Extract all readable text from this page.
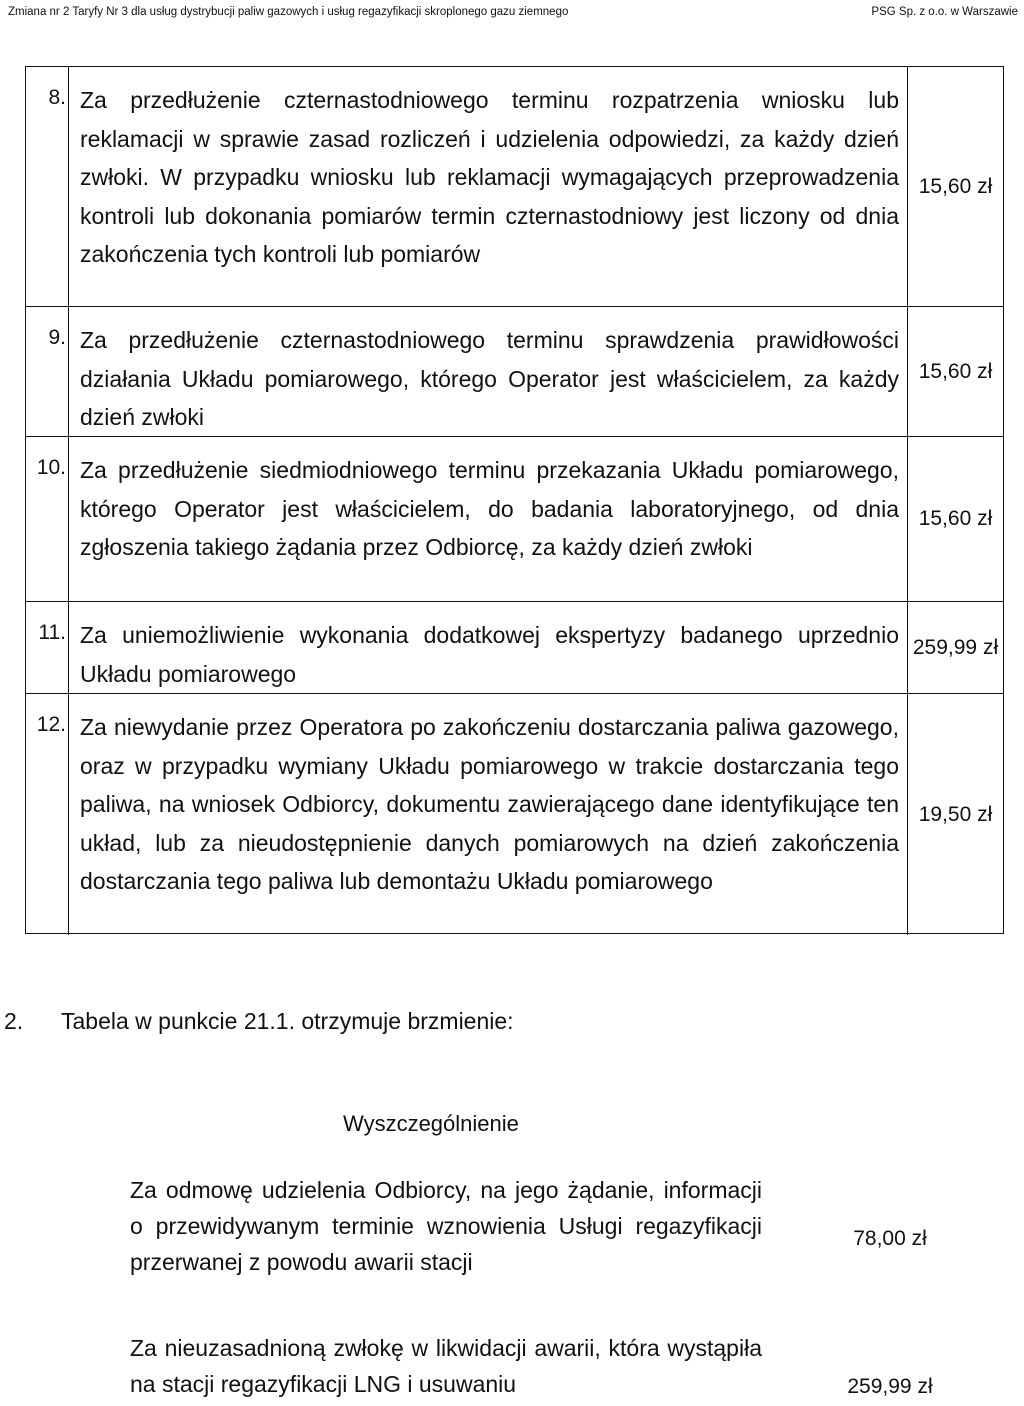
Zmiana nr 2 Taryfy Nr 3 dla usług dystrybucji paliw gazowych i usług regazyfikacji skroplonego gazu ziemnego	PSG Sp. z o.o. w Warszawie
8. Za przedłużenie czternastodniowego terminu rozpatrzenia wniosku lub reklamacji w sprawie zasad rozliczeń i udzielenia odpowiedzi, za każdy dzień zwłoki. W przypadku wniosku lub reklamacji wymagających przeprowadzenia kontroli lub dokonania pomiarów termin czternastodniowy jest liczony od dnia zakończenia tych kontroli lub pomiarów
15,60 zł
9. Za przedłużenie czternastodniowego terminu sprawdzenia prawidłowości działania Układu pomiarowego, którego Operator jest właścicielem, za każdy dzień zwłoki
15,60 zł
10. Za przedłużenie siedmiodniowego terminu przekazania Układu pomiarowego, którego Operator jest właścicielem, do badania laboratoryjnego, od dnia zgłoszenia takiego żądania przez Odbiorcę, za każdy dzień zwłoki
15,60 zł
11. Za uniemożliwienie wykonania dodatkowej ekspertyzy badanego uprzednio Układu pomiarowego
259,99 zł
12. Za niewydanie przez Operatora po zakończeniu dostarczania paliwa gazowego, oraz w przypadku wymiany Układu pomiarowego w trakcie dostarczania tego paliwa, na wniosek Odbiorcy, dokumentu zawierającego dane identyfikujące ten układ, lub za nieudostępnienie danych pomiarowych na dzień zakończenia dostarczania tego paliwa lub demontażu Układu pomiarowego
19,50 zł
2. Tabela w punkcie 21.1. otrzymuje brzmienie:
Wyszczególnienie
Za odmowę udzielenia Odbiorcy, na jego żądanie, informacji o przewidywanym terminie wznowienia Usługi regazyfikacji przerwanej z powodu awarii stacji
78,00 zł
Za nieuzasadnioną zwłokę w likwidacji awarii, która wystąpiła na stacji regazyfikacji LNG i usuwaniu	259,99 zł
